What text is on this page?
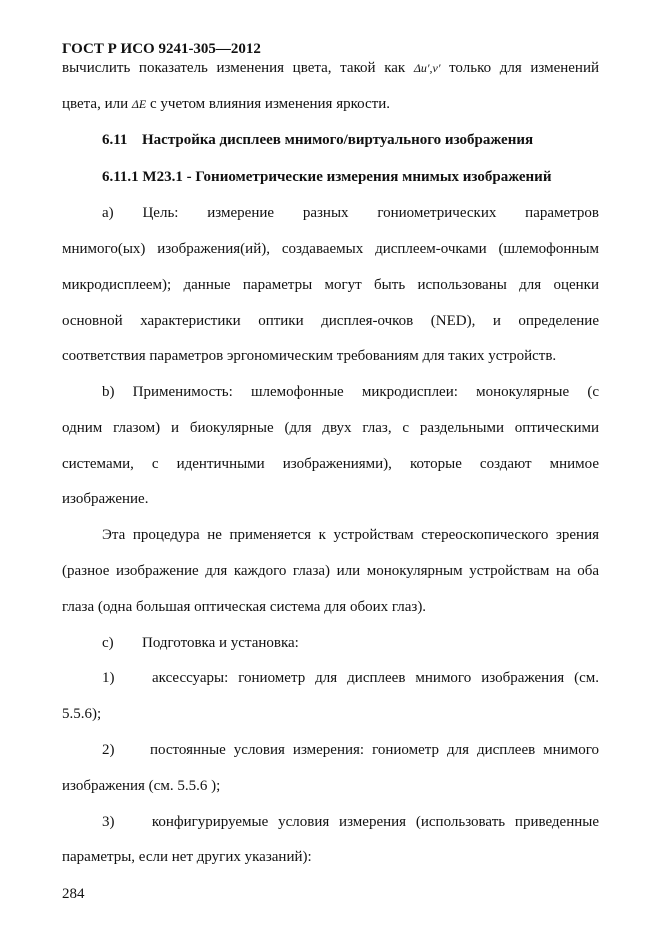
ГОСТ Р ИСО 9241-305—2012
вычислить показатель изменения цвета, такой как Δu′,v′ только для изменений
цвета, или ΔE с учетом влияния изменения яркости.
6.11 Настройка дисплеев мнимого/виртуального изображения
6.11.1 M23.1 - Гониометрические измерения мнимых изображений
а) Цель: измерение разных гониометрических параметров
мнимого(ых) изображения(ий), создаваемых дисплеем-очками (шлемофонным
микродисплеем); данные параметры могут быть использованы для оценки
основной характеристики оптики дисплея-очков (NED), и определение
соответствия параметров эргономическим требованиям для таких устройств.
b) Применимость: шлемофонные микродисплеи: монокулярные (с
одним глазом) и биокулярные (для двух глаз, с раздельными оптическими
системами, с идентичными изображениями), которые создают мнимое
изображение.
Эта процедура не применяется к устройствам стереоскопического зрения
(разное изображение для каждого глаза) или монокулярным устройствам на оба
глаза (одна большая оптическая система для обоих глаз).
с) Подготовка и установка:
1)	аксессуары: гониометр для дисплеев мнимого изображения (см.
5.5.6);
2) постоянные условия измерения: гониометр для дисплеев мнимого
изображения (см. 5.5.6 );
3) конфигурируемые условия измерения (использовать приведенные
параметры, если нет других указаний):
284
